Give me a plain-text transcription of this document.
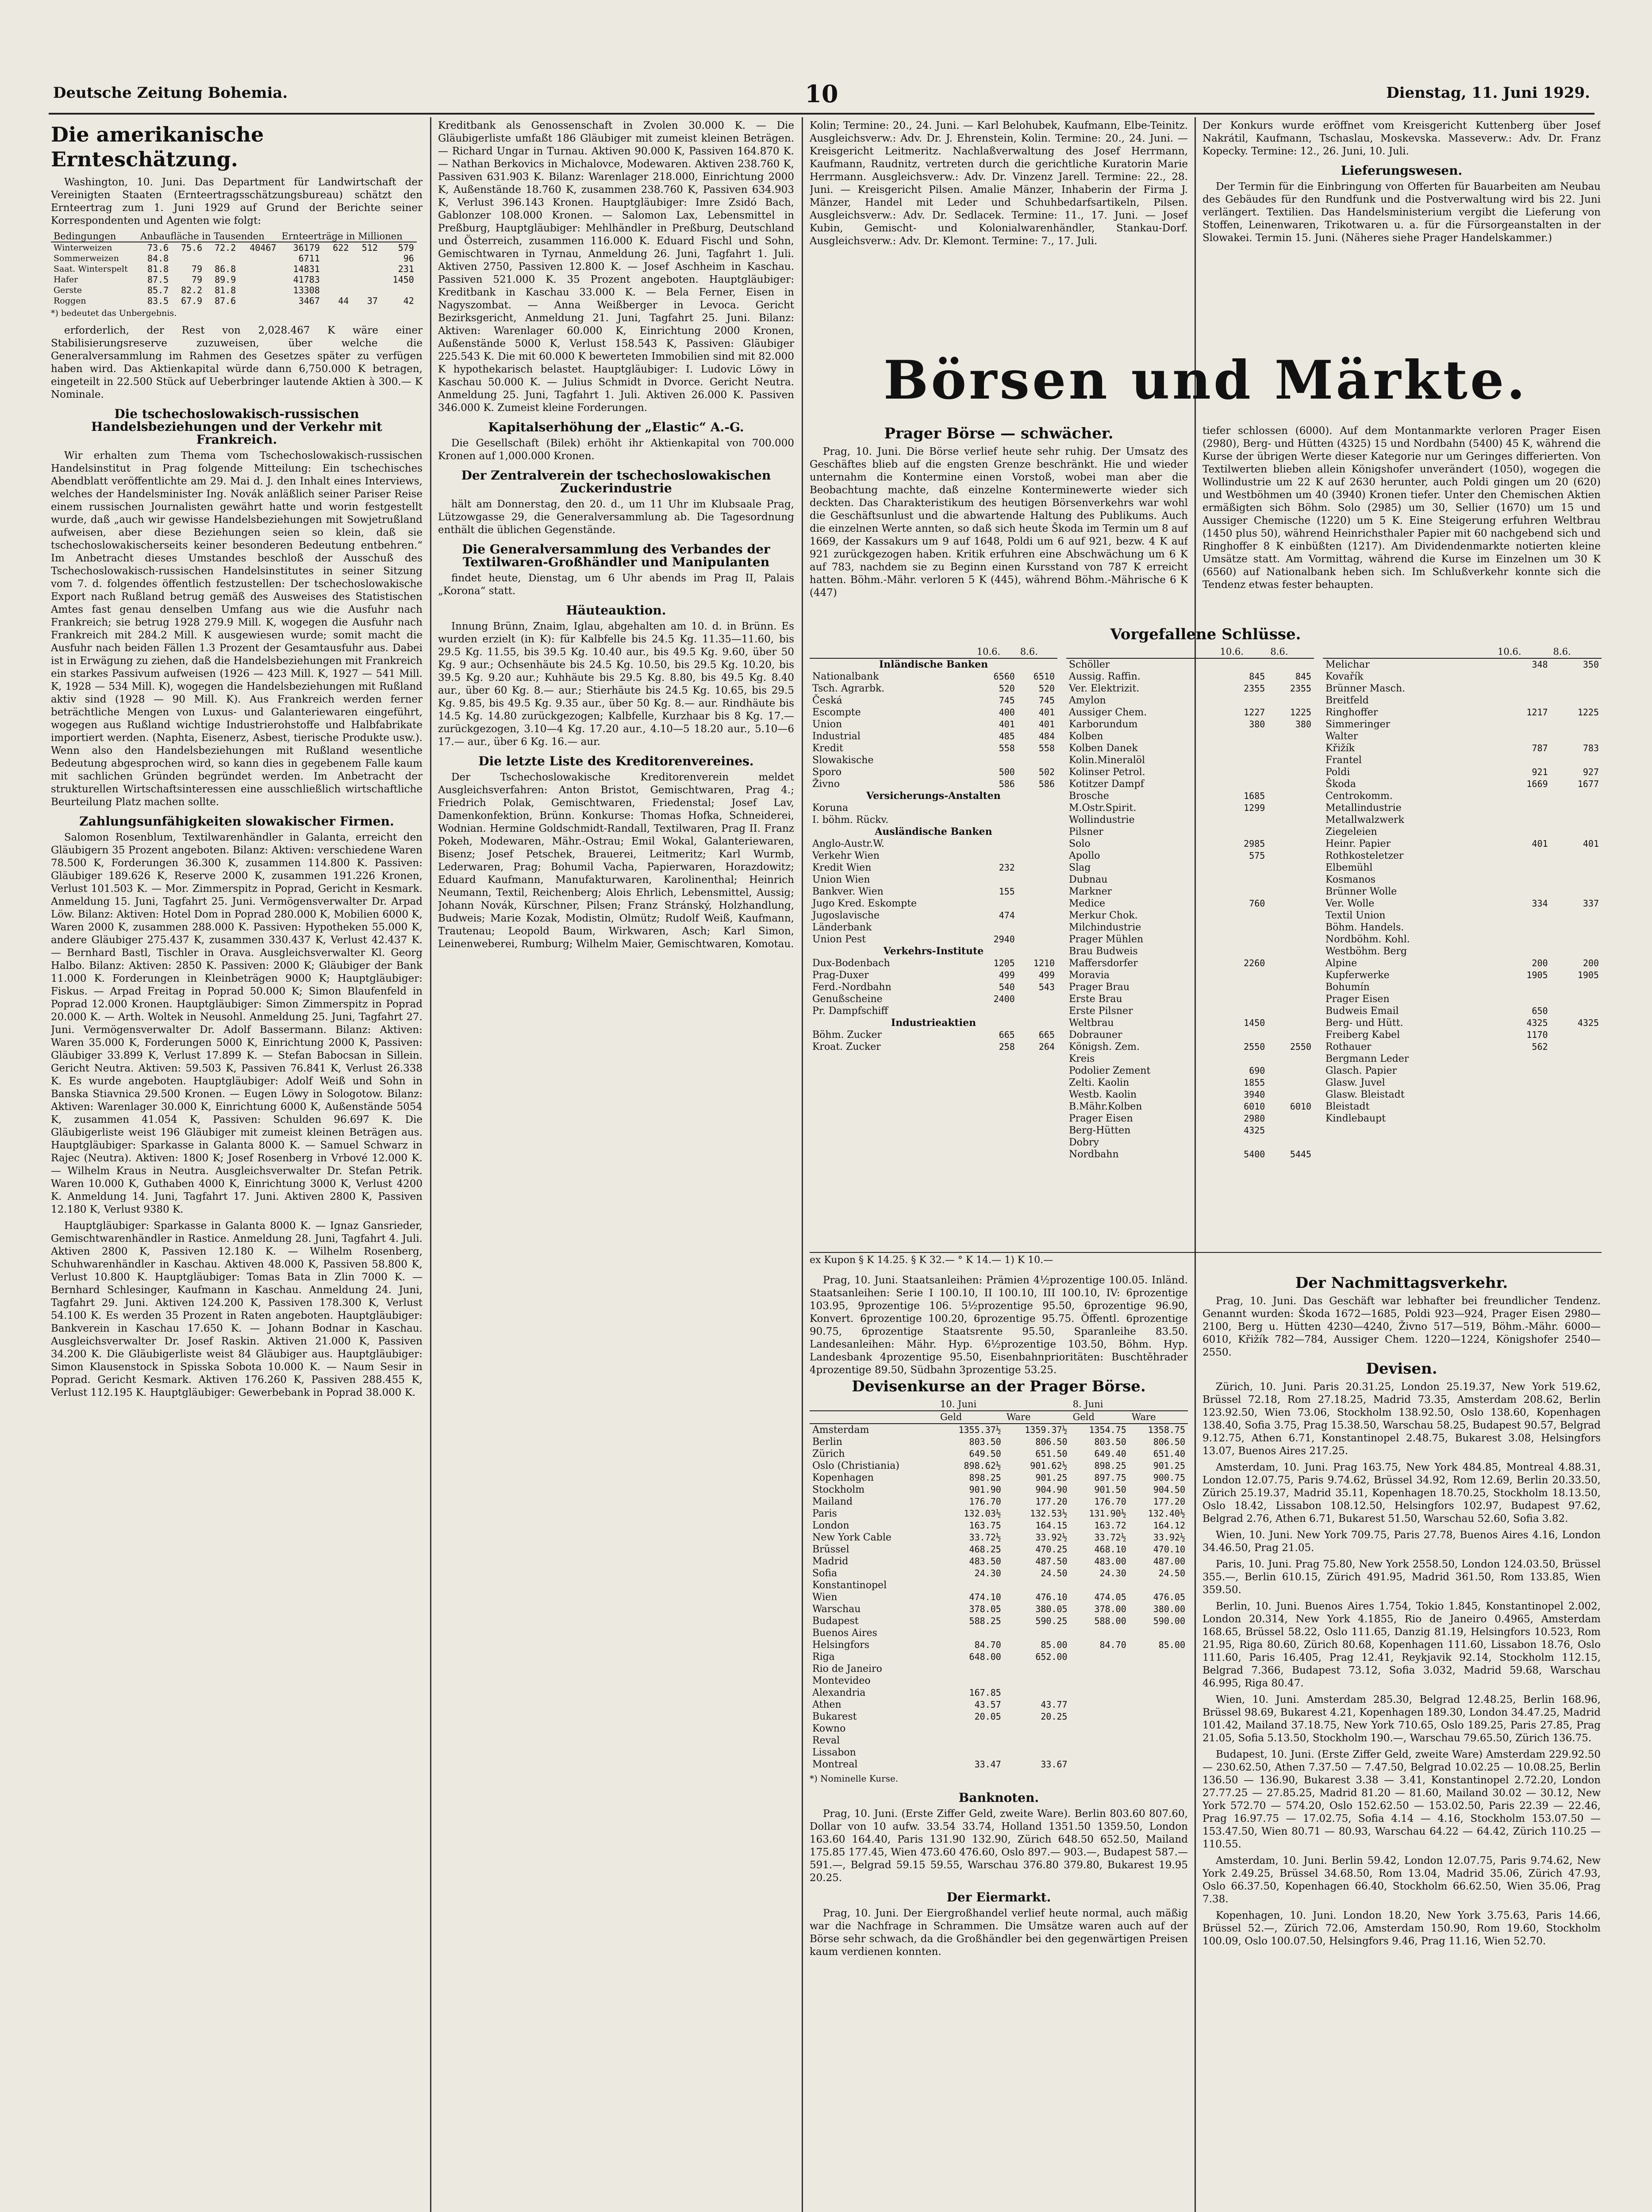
Deutsche Zeitung Bohemia.	10	Dienstag, 11. Juni 1929.
Die amerikanische Ernteschätzung.

Washington, 10. Juni. Das Department für Landwirtschaft der Vereinigten Staaten (Ernteertragsschätzungsbureau) schätzt den Ernteertrag zum 1. Juni 1929 auf Grund der Berichte seiner Korrespondenten und Agenten wie folgt:

Bedingungen	Anbaufläche in Tausenden				Ernteerträge in Millionen				
Winterweizen	73.6	75.6	72.2	40467	36179	622	512	579	
Sommerweizen	84.8				6711			96	
Saat. Winterspelt	81.8	79	86.8		14831			231	
Hafer	87.5	79	89.9		41783			1450	
Gerste	85.7	82.2	81.8		13308				
Roggen	83.5	67.9	87.6		3467	44	37	42	
*) bedeutet das Unbergebnis.

erforderlich, der Rest von 2,028.467 K wäre einer Stabilisierungsreserve zuzuweisen, über welche die Generalversammlung im Rahmen des Gesetzes später zu verfügen haben wird. Das Aktienkapital würde dann 6,750.000 K betragen, eingeteilt in 22.500 Stück auf Ueberbringer lautende Aktien à 300.— K Nominale.

Die tschechoslowakisch-russischen Handelsbeziehungen und der Verkehr mit Frankreich.

Wir erhalten zum Thema vom Tschechoslowakisch-russischen Handelsinstitut in Prag folgende Mitteilung: Ein tschechisches Abendblatt veröffentlichte am 29. Mai d. J. den Inhalt eines Interviews, welches der Handelsminister Ing. Novák anläßlich seiner Pariser Reise einem russischen Journalisten gewährt hatte und worin festgestellt wurde, daß „auch wir gewisse Handelsbeziehungen mit Sowjetrußland aufweisen, aber diese Beziehungen seien so klein, daß sie tschechoslowakischerseits keiner besonderen Bedeutung entbehren.“ Im Anbetracht dieses Umstandes beschloß der Ausschuß des Tschechoslowakisch-russischen Handelsinstitutes in seiner Sitzung vom 7. d. folgendes öffentlich festzustellen: Der tschechoslowakische Export nach Rußland betrug gemäß des Ausweises des Statistischen Amtes fast genau denselben Umfang aus wie die Ausfuhr nach Frankreich; sie betrug 1928 279.9 Mill. K, wogegen die Ausfuhr nach Frankreich mit 284.2 Mill. K ausgewiesen wurde; somit macht die Ausfuhr nach beiden Fällen 1.3 Prozent der Gesamtausfuhr aus. Dabei ist in Erwägung zu ziehen, daß die Handelsbeziehungen mit Frankreich ein starkes Passivum aufweisen (1926 — 423 Mill. K, 1927 — 541 Mill. K, 1928 — 534 Mill. K), wogegen die Handelsbeziehungen mit Rußland aktiv sind (1928 — 90 Mill. K). Aus Frankreich werden ferner beträchtliche Mengen von Luxus- und Galanteriewaren eingeführt, wogegen aus Rußland wichtige Industrierohstoffe und Halbfabrikate importiert werden. (Naphta, Eisenerz, Asbest, tierische Produkte usw.). Wenn also den Handelsbeziehungen mit Rußland wesentliche Bedeutung abgesprochen wird, so kann dies in gegebenem Falle kaum mit sachlichen Gründen begründet werden. Im Anbetracht der strukturellen Wirtschaftsinteressen eine ausschließlich wirtschaftliche Beurteilung Platz machen sollte.

Zahlungsunfähigkeiten slowakischer Firmen.

Salomon Rosenblum, Textilwarenhändler in Galanta, erreicht den Gläubigern 35 Prozent angeboten. Bilanz: Aktiven: verschiedene Waren 78.500 K, Forderungen 36.300 K, zusammen 114.800 K. Passiven: Gläubiger 189.626 K, Reserve 2000 K, zusammen 191.226 Kronen, Verlust 101.503 K. — Mor. Zimmerspitz in Poprad, Gericht in Kesmark. Anmeldung 15. Juni, Tagfahrt 25. Juni. Vermögensverwalter Dr. Arpad Löw. Bilanz: Aktiven: Hotel Dom in Poprad 280.000 K, Mobilien 6000 K, Waren 2000 K, zusammen 288.000 K. Passiven: Hypotheken 55.000 K, andere Gläubiger 275.437 K, zusammen 330.437 K, Verlust 42.437 K. — Bernhard Bastl, Tischler in Orava. Ausgleichsverwalter Kl. Georg Halbo. Bilanz: Aktiven: 2850 K. Passiven: 2000 K; Gläubiger der Bank 11.000 K. Forderungen in Kleinbeträgen 9000 K; Hauptgläubiger: Fiskus. — Arpad Freitag in Poprad 50.000 K; Simon Blaufenfeld in Poprad 12.000 Kronen. Hauptgläubiger: Simon Zimmerspitz in Poprad 20.000 K. — Arth. Woltek in Neusohl. Anmeldung 25. Juni, Tagfahrt 27. Juni. Vermögensverwalter Dr. Adolf Bassermann. Bilanz: Aktiven: Waren 35.000 K, Forderungen 5000 K, Einrichtung 2000 K, Passiven: Gläubiger 33.899 K, Verlust 17.899 K. — Stefan Babocsan in Sillein. Gericht Neutra. Aktiven: 59.503 K, Passiven 76.841 K, Verlust 26.338 K. Es wurde angeboten. Hauptgläubiger: Adolf Weiß und Sohn in Banska Stiavnica 29.500 Kronen. — Eugen Löwy in Sologotow. Bilanz: Aktiven: Warenlager 30.000 K, Einrichtung 6000 K, Außenstände 5054 K, zusammen 41.054 K, Passiven: Schulden 96.697 K. Die Gläubigerliste weist 196 Gläubiger mit zumeist kleinen Beträgen aus. Hauptgläubiger: Sparkasse in Galanta 8000 K. — Samuel Schwarz in Rajec (Neutra). Aktiven: 1800 K; Josef Rosenberg in Vrbové 12.000 K. — Wilhelm Kraus in Neutra. Ausgleichsverwalter Dr. Stefan Petrik. Waren 10.000 K, Guthaben 4000 K, Einrichtung 3000 K, Verlust 4200 K. Anmeldung 14. Juni, Tagfahrt 17. Juni. Aktiven 2800 K, Passiven 12.180 K, Verlust 9380 K.

Hauptgläubiger: Sparkasse in Galanta 8000 K. — Ignaz Gansrieder, Gemischtwarenhändler in Rastice. Anmeldung 28. Juni, Tagfahrt 4. Juli. Aktiven 2800 K, Passiven 12.180 K. — Wilhelm Rosenberg, Schuhwarenhändler in Kaschau. Aktiven 48.000 K, Passiven 58.800 K, Verlust 10.800 K. Hauptgläubiger: Tomas Bata in Zlin 7000 K. — Bernhard Schlesinger, Kaufmann in Kaschau. Anmeldung 24. Juni, Tagfahrt 29. Juni. Aktiven 124.200 K, Passiven 178.300 K, Verlust 54.100 K. Es werden 35 Prozent in Raten angeboten. Hauptgläubiger: Bankverein in Kaschau 17.650 K. — Johann Bodnar in Kaschau. Ausgleichsverwalter Dr. Josef Raskin. Aktiven 21.000 K, Passiven 34.200 K. Die Gläubigerliste weist 84 Gläubiger aus. Hauptgläubiger: Simon Klausenstock in Spisska Sobota 10.000 K. — Naum Sesir in Poprad. Gericht Kesmark. Aktiven 176.260 K, Passiven 288.455 K, Verlust 112.195 K. Hauptgläubiger: Gewerbebank in Poprad 38.000 K.

Kreditbank als Genossenschaft in Zvolen 30.000 K. — Die Gläubigerliste umfaßt 186 Gläubiger mit zumeist kleinen Beträgen. — Richard Ungar in Turnau. Aktiven 90.000 K, Passiven 164.870 K. — Nathan Berkovics in Michalovce, Modewaren. Aktiven 238.760 K, Passiven 631.903 K. Bilanz: Warenlager 218.000, Einrichtung 2000 K, Außenstände 18.760 K, zusammen 238.760 K, Passiven 634.903 K, Verlust 396.143 Kronen. Hauptgläubiger: Imre Zsidó Bach, Gablonzer 108.000 Kronen. — Salomon Lax, Lebensmittel in Preßburg, Hauptgläubiger: Mehlhändler in Preßburg, Deutschland und Österreich, zusammen 116.000 K. Eduard Fischl und Sohn, Gemischtwaren in Tyrnau, Anmeldung 26. Juni, Tagfahrt 1. Juli. Aktiven 2750, Passiven 12.800 K. — Josef Aschheim in Kaschau. Passiven 521.000 K. 35 Prozent angeboten. Hauptgläubiger: Kreditbank in Kaschau 33.000 K. — Bela Ferner, Eisen in Nagyszombat. — Anna Weißberger in Levoca. Gericht Bezirksgericht, Anmeldung 21. Juni, Tagfahrt 25. Juni. Bilanz: Aktiven: Warenlager 60.000 K, Einrichtung 2000 Kronen, Außenstände 5000 K, Verlust 158.543 K, Passiven: Gläubiger 225.543 K. Die mit 60.000 K bewerteten Immobilien sind mit 82.000 K hypothekarisch belastet. Hauptgläubiger: I. Ludovic Löwy in Kaschau 50.000 K. — Julius Schmidt in Dvorce. Gericht Neutra. Anmeldung 25. Juni, Tagfahrt 1. Juli. Aktiven 26.000 K. Passiven 346.000 K. Zumeist kleine Forderungen.

Kapitalserhöhung der „Elastic“ A.-G.

Die Gesellschaft (Bilek) erhöht ihr Aktienkapital von 700.000 Kronen auf 1,000.000 Kronen.

Der Zentralverein der tschechoslowakischen Zuckerindustrie

hält am Donnerstag, den 20. d., um 11 Uhr im Klubsaale Prag, Lützowgasse 29, die Generalversammlung ab. Die Tagesordnung enthält die üblichen Gegenstände.

Die Generalversammlung des Verbandes der Textilwaren-Großhändler und Manipulanten

findet heute, Dienstag, um 6 Uhr abends im Prag II, Palais „Korona“ statt.

Häuteauktion.

Innung Brünn, Znaim, Iglau, abgehalten am 10. d. in Brünn. Es wurden erzielt (in K): für Kalbfelle bis 24.5 Kg. 11.35—11.60, bis 29.5 Kg. 11.55, bis 39.5 Kg. 10.40 aur., bis 49.5 Kg. 9.60, über 50 Kg. 9 aur.; Ochsenhäute bis 24.5 Kg. 10.50, bis 29.5 Kg. 10.20, bis 39.5 Kg. 9.20 aur.; Kuhhäute bis 29.5 Kg. 8.80, bis 49.5 Kg. 8.40 aur., über 60 Kg. 8.— aur.; Stierhäute bis 24.5 Kg. 10.65, bis 29.5 Kg. 9.85, bis 49.5 Kg. 9.35 aur., über 50 Kg. 8.— aur. Rindhäute bis 14.5 Kg. 14.80 zurückgezogen; Kalbfelle, Kurzhaar bis 8 Kg. 17.— zurückgezogen, 3.10—4 Kg. 17.20 aur., 4.10—5 18.20 aur., 5.10—6 17.— aur., über 6 Kg. 16.— aur.

Die letzte Liste des Kreditorenvereines.

Der Tschechoslowakische Kreditorenverein meldet Ausgleichsverfahren: Anton Bristot, Gemischtwaren, Prag 4.; Friedrich Polak, Gemischtwaren, Friedenstal; Josef Lav, Damenkonfektion, Brünn. Konkurse: Thomas Hofka, Schneiderei, Wodnian. Hermine Goldschmidt-Randall, Textilwaren, Prag II. Franz Pokeh, Modewaren, Mähr.-Ostrau; Emil Wokal, Galanteriewaren, Bisenz; Josef Petschek, Brauerei, Leitmeritz; Karl Wurmb, Lederwaren, Prag; Bohumil Vacha, Papierwaren, Horazdowitz; Eduard Kaufmann, Manufakturwaren, Karolinenthal; Heinrich Neumann, Textil, Reichenberg; Alois Ehrlich, Lebensmittel, Aussig; Johann Novák, Kürschner, Pilsen; Franz Stránský, Holzhandlung, Budweis; Marie Kozak, Modistin, Olmütz; Rudolf Weiß, Kaufmann, Trautenau; Leopold Baum, Wirkwaren, Asch; Karl Simon, Leinenweberei, Rumburg; Wilhelm Maier, Gemischtwaren, Komotau.

Kolin; Termine: 20., 24. Juni. — Karl Belohubek, Kaufmann, Elbe-Teinitz. Ausgleichsverw.: Adv. Dr. J. Ehrenstein, Kolin. Termine: 20., 24. Juni. — Kreisgericht Leitmeritz. Nachlaßverwaltung des Josef Herrmann, Kaufmann, Raudnitz, vertreten durch die gerichtliche Kuratorin Marie Herrmann. Ausgleichsverw.: Adv. Dr. Vinzenz Jarell. Termine: 22., 28. Juni. — Kreisgericht Pilsen. Amalie Mänzer, Inhaberin der Firma J. Mänzer, Handel mit Leder und Schuhbedarfsartikeln, Pilsen. Ausgleichsverw.: Adv. Dr. Sedlacek. Termine: 11., 17. Juni. — Josef Kubin, Gemischt- und Kolonialwarenhändler, Stankau-Dorf. Ausgleichsverw.: Adv. Dr. Klemont. Termine: 7., 17. Juli.

Der Konkurs wurde eröffnet vom Kreisgericht Kuttenberg über Josef Nakrátil, Kaufmann, Tschaslau, Moskevska. Masseverw.: Adv. Dr. Franz Kopecky. Termine: 12., 26. Juni, 10. Juli.

Lieferungswesen.

Der Termin für die Einbringung von Offerten für Bauarbeiten am Neubau des Gebäudes für den Rundfunk und die Postverwaltung wird bis 22. Juni verlängert. Textilien. Das Handelsministerium vergibt die Lieferung von Stoffen, Leinenwaren, Trikotwaren u. a. für die Fürsorgeanstalten in der Slowakei. Termin 15. Juni. (Näheres siehe Prager Handelskammer.)

Börsen und Märkte.
Prager Börse — schwächer.

Prag, 10. Juni. Die Börse verlief heute sehr ruhig. Der Umsatz des Geschäftes blieb auf die engsten Grenze beschränkt. Hie und wieder unternahm die Kontermine einen Vorstoß, wobei man aber die Beobachtung machte, daß einzelne Konterminewerte wieder sich deckten. Das Charakteristikum des heutigen Börsenverkehrs war wohl die Geschäftsunlust und die abwartende Haltung des Publikums. Auch die einzelnen Werte annten, so daß sich heute Škoda im Termin um 8 auf 1669, der Kassakurs um 9 auf 1648, Poldi um 6 auf 921, bezw. 4 K auf 921 zurückgezogen haben. Kritik erfuhren eine Abschwächung um 6 K auf 783, nachdem sie zu Beginn einen Kursstand von 787 K erreicht hatten. Böhm.-Mähr. verloren 5 K (445), während Böhm.-Mährische 6 K (447)

tiefer schlossen (6000). Auf dem Montanmarkte verloren Prager Eisen (2980), Berg- und Hütten (4325) 15 und Nordbahn (5400) 45 K, während die Kurse der übrigen Werte dieser Kategorie nur um Geringes differierten. Von Textilwerten blieben allein Königshofer unverändert (1050), wogegen die Wollindustrie um 22 K auf 2630 herunter, auch Poldi gingen um 20 (620) und Westböhmen um 40 (3940) Kronen tiefer. Unter den Chemischen Aktien ermäßigten sich Böhm. Solo (2985) um 30, Sellier (1670) um 15 und Aussiger Chemische (1220) um 5 K. Eine Steigerung erfuhren Weltbrau (1450 plus 50), während Heinrichsthaler Papier mit 60 nachgebend sich und Ringhoffer 8 K einbüßten (1217). Am Dividendenmarkte notierten kleine Umsätze statt. Am Vormittag, während die Kurse im Einzelnen um 30 K (6560) auf Nationalbank heben sich. Im Schlußverkehr konnte sich die Tendenz etwas fester behaupten.

Vorgefallene Schlüsse.
	10.6.	8.6.
Inländische Banken		
Nationalbank	6560	6510
Tsch. Agrarbk.	520	520
Česká	745	745
Escompte	400	401
Union	401	401
Industrial	485	484
Kredit	558	558
Slowakische		
Sporo	500	502
Živno	586	586
Versicherungs-Anstalten		
Koruna		
I. böhm. Rückv.		
Ausländische Banken		
Anglo-Austr.W.		
Verkehr Wien		
Kredit Wien	232	
Union Wien		
Bankver. Wien	155	
Jugo Kred. Eskompte		
Jugoslavische	474	
Länderbank		
Union Pest	2940	
Verkehrs-Institute		
Dux-Bodenbach	1205	1210
Prag-Duxer	499	499
Ferd.-Nordbahn	540	543
Genußscheine	2400	
Pr. Dampfschiff		
Industrieaktien		
Böhm. Zucker	665	665
Kroat. Zucker	258	264
	10.6.	8.6.
Schöller		
Aussig. Raffin.	845	845
Ver. Elektrizit.	2355	2355
Amylon		
Aussiger Chem.	1227	1225
Karborundum	380	380
Kolben		
Kolben Danek		
Kolin.Mineralöl		
Kolinser Petrol.		
Kotitzer Dampf		
Brosche	1685	
M.Ostr.Spirit.	1299	
Wollindustrie		
Pilsner		
Solo	2985	
Apollo	575	
Slag		
Dubnau		
Markner		
Medice	760	
Merkur Chok.		
Milchindustrie		
Prager Mühlen		
Brau Budweis		
Maffersdorfer	2260	
Moravia		
Prager Brau		
Erste Brau		
Erste Pilsner		
Weltbrau	1450	
Dobrauner		
Königsh. Zem.	2550	2550
Kreis		
Podolier Zement	690	
Zelti. Kaolin	1855	
Westb. Kaolin	3940	
B.Mähr.Kolben	6010	6010
Prager Eisen	2980	
Berg-Hütten	4325	
Dobry		
Nordbahn	5400	5445
	10.6.	8.6.
Melichar	348	350
Kovařík		
Brünner Masch.		
Breitfeld		
Ringhoffer	1217	1225
Simmeringer		
Walter		
Křižík	787	783
Frantel		
Poldi	921	927
Škoda	1669	1677
Centrokomm.		
Metallindustrie		
Metallwalzwerk		
Ziegeleien		
Heinr. Papier	401	401
Rothkosteletzer		
Elbemühl		
Kosmanos		
Brünner Wolle		
Ver. Wolle	334	337
Textil Union		
Böhm. Handels.		
Nordböhm. Kohl.		
Westböhm. Berg		
Alpine	200	200
Kupferwerke	1905	1905
Bohumín		
Prager Eisen		
Budweis Email	650	
Berg- und Hütt.	4325	4325
Freiberg Kabel	1170	
Rothauer	562	
Bergmann Leder		
Glasch. Papier		
Glasw. Juvel		
Glasw. Bleistadt		
Bleistadt		
Kindlebaupt		
ex Kupon § K 14.25. § K 32.— ° K 14.— 1) K 10.—

Prag, 10. Juni. Staatsanleihen: Prämien 4½prozentige 100.05. Inländ. Staatsanleihen: Serie I 100.10, II 100.10, III 100.10, IV: 6prozentige 103.95, 9prozentige 106. 5½prozentige 95.50, 6prozentige 96.90, Konvert. 6prozentige 100.20, 6prozentige 95.75. Öffentl. 6prozentige 90.75, 6prozentige Staatsrente 95.50, Sparanleihe 83.50. Landesanleihen: Mähr. Hyp. 6½prozentige 103.50, Böhm. Hyp. Landesbank 4prozentige 95.50, Eisenbahnprioritäten: Buschtěhrader 4prozentige 89.50, Südbahn 3prozentige 53.25.

Devisenkurse an der Prager Börse.
	10. Juni		8. Juni	
	Geld	Ware	Geld	Ware
Amsterdam	1355.37½	1359.37½	1354.75	1358.75
Berlin	803.50	806.50	803.50	806.50
Zürich	649.50	651.50	649.40	651.40
Oslo (Christiania)	898.62½	901.62½	898.25	901.25
Kopenhagen	898.25	901.25	897.75	900.75
Stockholm	901.90	904.90	901.50	904.50
Mailand	176.70	177.20	176.70	177.20
Paris	132.03½	132.53½	131.90½	132.40½
London	163.75	164.15	163.72	164.12
New York Cable	33.72½	33.92½	33.72½	33.92½
Brüssel	468.25	470.25	468.10	470.10
Madrid	483.50	487.50	483.00	487.00
Sofia	24.30	24.50	24.30	24.50
Konstantinopel				
Wien	474.10	476.10	474.05	476.05
Warschau	378.05	380.05	378.00	380.00
Budapest	588.25	590.25	588.00	590.00
Buenos Aires				
Helsingfors	84.70	85.00	84.70	85.00
Riga	648.00	652.00		
Rio de Janeiro				
Montevideo				
Alexandria	167.85			
Athen	43.57	43.77		
Bukarest	20.05	20.25		
Kowno				
Reval				
Lissabon				
Montreal	33.47	33.67		
*) Nominelle Kurse.
Banknoten.

Prag, 10. Juni. (Erste Ziffer Geld, zweite Ware). Berlin 803.60 807.60, Dollar von 10 aufw. 33.54 33.74, Holland 1351.50 1359.50, London 163.60 164.40, Paris 131.90 132.90, Zürich 648.50 652.50, Mailand 175.85 177.45, Wien 473.60 476.60, Oslo 897.— 903.—, Budapest 587.— 591.—, Belgrad 59.15 59.55, Warschau 376.80 379.80, Bukarest 19.95 20.25.

Der Eiermarkt.

Prag, 10. Juni. Der Eiergroßhandel verlief heute normal, auch mäßig war die Nachfrage in Schrammen. Die Umsätze waren auch auf der Börse sehr schwach, da die Großhändler bei den gegenwärtigen Preisen kaum verdienen konnten.

Der Nachmittagsverkehr.

Prag, 10. Juni. Das Geschäft war lebhafter bei freundlicher Tendenz. Genannt wurden: Škoda 1672—1685, Poldi 923—924, Prager Eisen 2980—2100, Berg u. Hütten 4230—4240, Živno 517—519, Böhm.-Mähr. 6000—6010, Křižík 782—784, Aussiger Chem. 1220—1224, Königshofer 2540—2550.

Devisen.

Zürich, 10. Juni. Paris 20.31.25, London 25.19.37, New York 519.62, Brüssel 72.18, Rom 27.18.25, Madrid 73.35, Amsterdam 208.62, Berlin 123.92.50, Wien 73.06, Stockholm 138.92.50, Oslo 138.60, Kopenhagen 138.40, Sofia 3.75, Prag 15.38.50, Warschau 58.25, Budapest 90.57, Belgrad 9.12.75, Athen 6.71, Konstantinopel 2.48.75, Bukarest 3.08, Helsingfors 13.07, Buenos Aires 217.25.

Amsterdam, 10. Juni. Prag 163.75, New York 484.85, Montreal 4.88.31, London 12.07.75, Paris 9.74.62, Brüssel 34.92, Rom 12.69, Berlin 20.33.50, Zürich 25.19.37, Madrid 35.11, Kopenhagen 18.70.25, Stockholm 18.13.50, Oslo 18.42, Lissabon 108.12.50, Helsingfors 102.97, Budapest 97.62, Belgrad 2.76, Athen 6.71, Bukarest 51.50, Warschau 52.60, Sofia 3.82.

Wien, 10. Juni. New York 709.75, Paris 27.78, Buenos Aires 4.16, London 34.46.50, Prag 21.05.

Paris, 10. Juni. Prag 75.80, New York 2558.50, London 124.03.50, Brüssel 355.—, Berlin 610.15, Zürich 491.95, Madrid 361.50, Rom 133.85, Wien 359.50.

Berlin, 10. Juni. Buenos Aires 1.754, Tokio 1.845, Konstantinopel 2.002, London 20.314, New York 4.1855, Rio de Janeiro 0.4965, Amsterdam 168.65, Brüssel 58.22, Oslo 111.65, Danzig 81.19, Helsingfors 10.523, Rom 21.95, Riga 80.60, Zürich 80.68, Kopenhagen 111.60, Lissabon 18.76, Oslo 111.60, Paris 16.405, Prag 12.41, Reykjavik 92.14, Stockholm 112.15, Belgrad 7.366, Budapest 73.12, Sofia 3.032, Madrid 59.68, Warschau 46.995, Riga 80.47.

Wien, 10. Juni. Amsterdam 285.30, Belgrad 12.48.25, Berlin 168.96, Brüssel 98.69, Bukarest 4.21, Kopenhagen 189.30, London 34.47.25, Madrid 101.42, Mailand 37.18.75, New York 710.65, Oslo 189.25, Paris 27.85, Prag 21.05, Sofia 5.13.50, Stockholm 190.—, Warschau 79.65.50, Zürich 136.75.

Budapest, 10. Juni. (Erste Ziffer Geld, zweite Ware) Amsterdam 229.92.50 — 230.62.50, Athen 7.37.50 — 7.47.50, Belgrad 10.02.25 — 10.08.25, Berlin 136.50 — 136.90, Bukarest 3.38 — 3.41, Konstantinopel 2.72.20, London 27.77.25 — 27.85.25, Madrid 81.20 — 81.60, Mailand 30.02 — 30.12, New York 572.70 — 574.20, Oslo 152.62.50 — 153.02.50, Paris 22.39 — 22.46, Prag 16.97.75 — 17.02.75, Sofia 4.14 — 4.16, Stockholm 153.07.50 — 153.47.50, Wien 80.71 — 80.93, Warschau 64.22 — 64.42, Zürich 110.25 — 110.55.

Amsterdam, 10. Juni. Berlin 59.42, London 12.07.75, Paris 9.74.62, New York 2.49.25, Brüssel 34.68.50, Rom 13.04, Madrid 35.06, Zürich 47.93, Oslo 66.37.50, Kopenhagen 66.40, Stockholm 66.62.50, Wien 35.06, Prag 7.38.

Kopenhagen, 10. Juni. London 18.20, New York 3.75.63, Paris 14.66, Brüssel 52.—, Zürich 72.06, Amsterdam 150.90, Rom 19.60, Stockholm 100.09, Oslo 100.07.50, Helsingfors 9.46, Prag 11.16, Wien 52.70.
